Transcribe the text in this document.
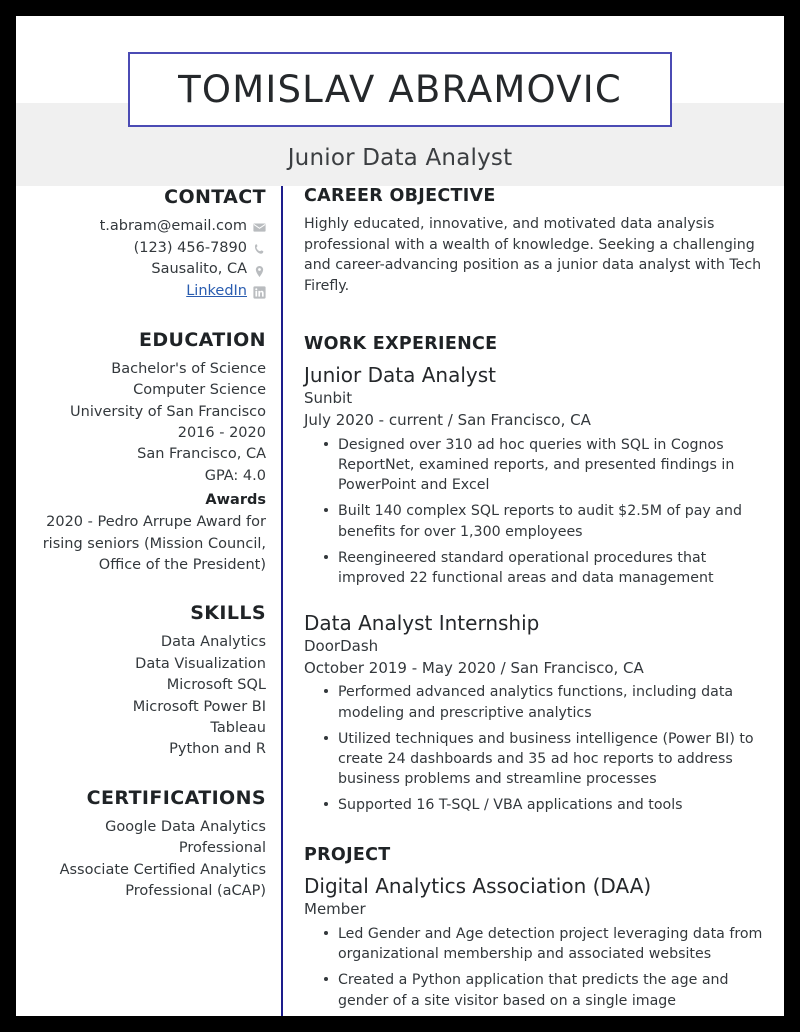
TOMISLAV ABRAMOVIC
Junior Data Analyst
CONTACT
t.abram@email.com
(123) 456-7890
Sausalito, CA
LinkedIn
EDUCATION
Bachelor's of Science
Computer Science
University of San Francisco
2016 - 2020
San Francisco, CA
GPA: 4.0
Awards
2020 - Pedro Arrupe Award for rising seniors (Mission Council, Office of the President)
SKILLS
Data Analytics
Data Visualization
Microsoft SQL
Microsoft Power BI
Tableau
Python and R
CERTIFICATIONS
Google Data Analytics Professional
Associate Certified Analytics Professional (aCAP)
CAREER OBJECTIVE
Highly educated, innovative, and motivated data analysis professional with a wealth of knowledge. Seeking a challenging and career-advancing position as a junior data analyst with Tech Firefly.
WORK EXPERIENCE
Junior Data Analyst
Sunbit
July 2020 - current / San Francisco, CA
Designed over 310 ad hoc queries with SQL in Cognos ReportNet, examined reports, and presented findings in PowerPoint and Excel
Built 140 complex SQL reports to audit $2.5M of pay and benefits for over 1,300 employees
Reengineered standard operational procedures that improved 22 functional areas and data management
Data Analyst Internship
DoorDash
October 2019 - May 2020 / San Francisco, CA
Performed advanced analytics functions, including data modeling and prescriptive analytics
Utilized techniques and business intelligence (Power BI) to create 24 dashboards and 35 ad hoc reports to address business problems and streamline processes
Supported 16 T-SQL / VBA applications and tools
PROJECT
Digital Analytics Association (DAA)
Member
Led Gender and Age detection project leveraging data from organizational membership and associated websites
Created a Python application that predicts the age and gender of a site visitor based on a single image
